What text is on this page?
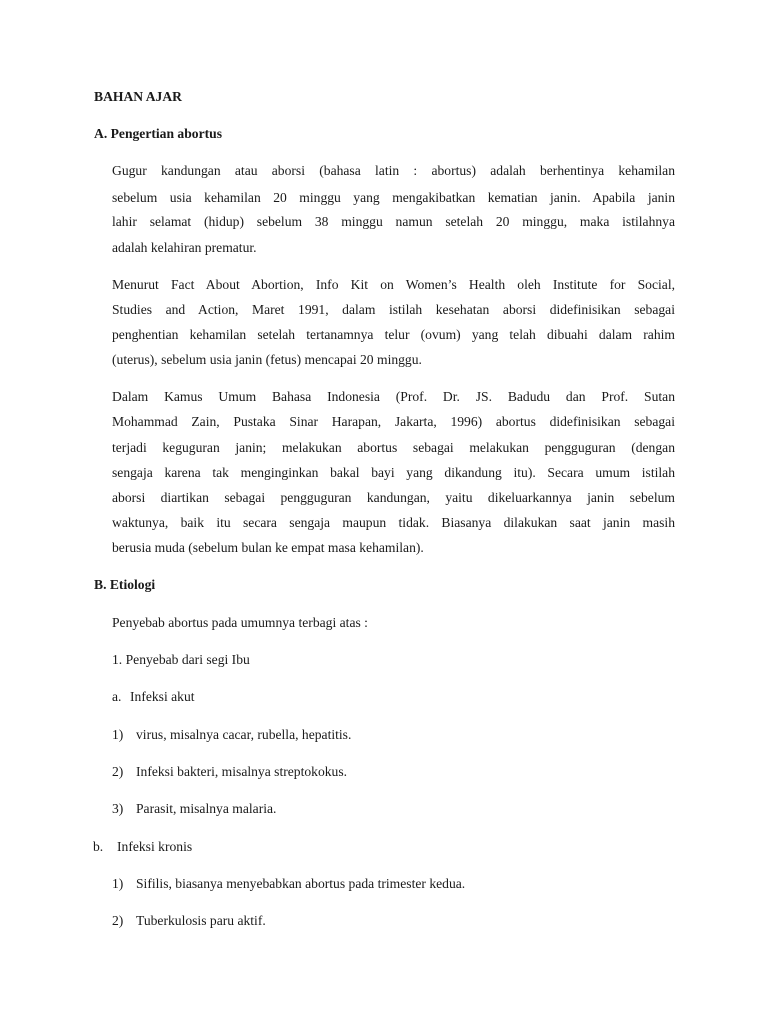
BAHAN AJAR
A. Pengertian abortus
Gugur kandungan atau aborsi (bahasa latin : abortus) adalah berhentinya kehamilan
sebelum usia kehamilan 20 minggu yang mengakibatkan kematian janin. Apabila janin
lahir selamat (hidup) sebelum 38 minggu namun setelah 20 minggu, maka istilahnya
adalah kelahiran prematur.
Menurut Fact About Abortion, Info Kit on Women’s Health oleh Institute for Social,
Studies and Action, Maret 1991, dalam istilah kesehatan aborsi didefinisikan sebagai
penghentian kehamilan setelah tertanamnya telur (ovum) yang telah dibuahi dalam rahim
(uterus), sebelum usia janin (fetus) mencapai 20 minggu.
Dalam Kamus Umum Bahasa Indonesia (Prof. Dr. JS. Badudu dan Prof. Sutan
Mohammad Zain, Pustaka Sinar Harapan, Jakarta, 1996) abortus didefinisikan sebagai
terjadi keguguran janin; melakukan abortus sebagai melakukan pengguguran (dengan
sengaja karena tak menginginkan bakal bayi yang dikandung itu). Secara umum istilah
aborsi diartikan sebagai pengguguran kandungan, yaitu dikeluarkannya janin sebelum
waktunya, baik itu secara sengaja maupun tidak. Biasanya dilakukan saat janin masih
berusia muda (sebelum bulan ke empat masa kehamilan).
B. Etiologi
Penyebab abortus pada umumnya terbagi atas :
1. Penyebab dari segi Ibu
a. Infeksi akut
1) virus, misalnya cacar, rubella, hepatitis.
2) Infeksi bakteri, misalnya streptokokus.
3) Parasit, misalnya malaria.
b. Infeksi kronis
1) Sifilis, biasanya menyebabkan abortus pada trimester kedua.
2) Tuberkulosis paru aktif.
